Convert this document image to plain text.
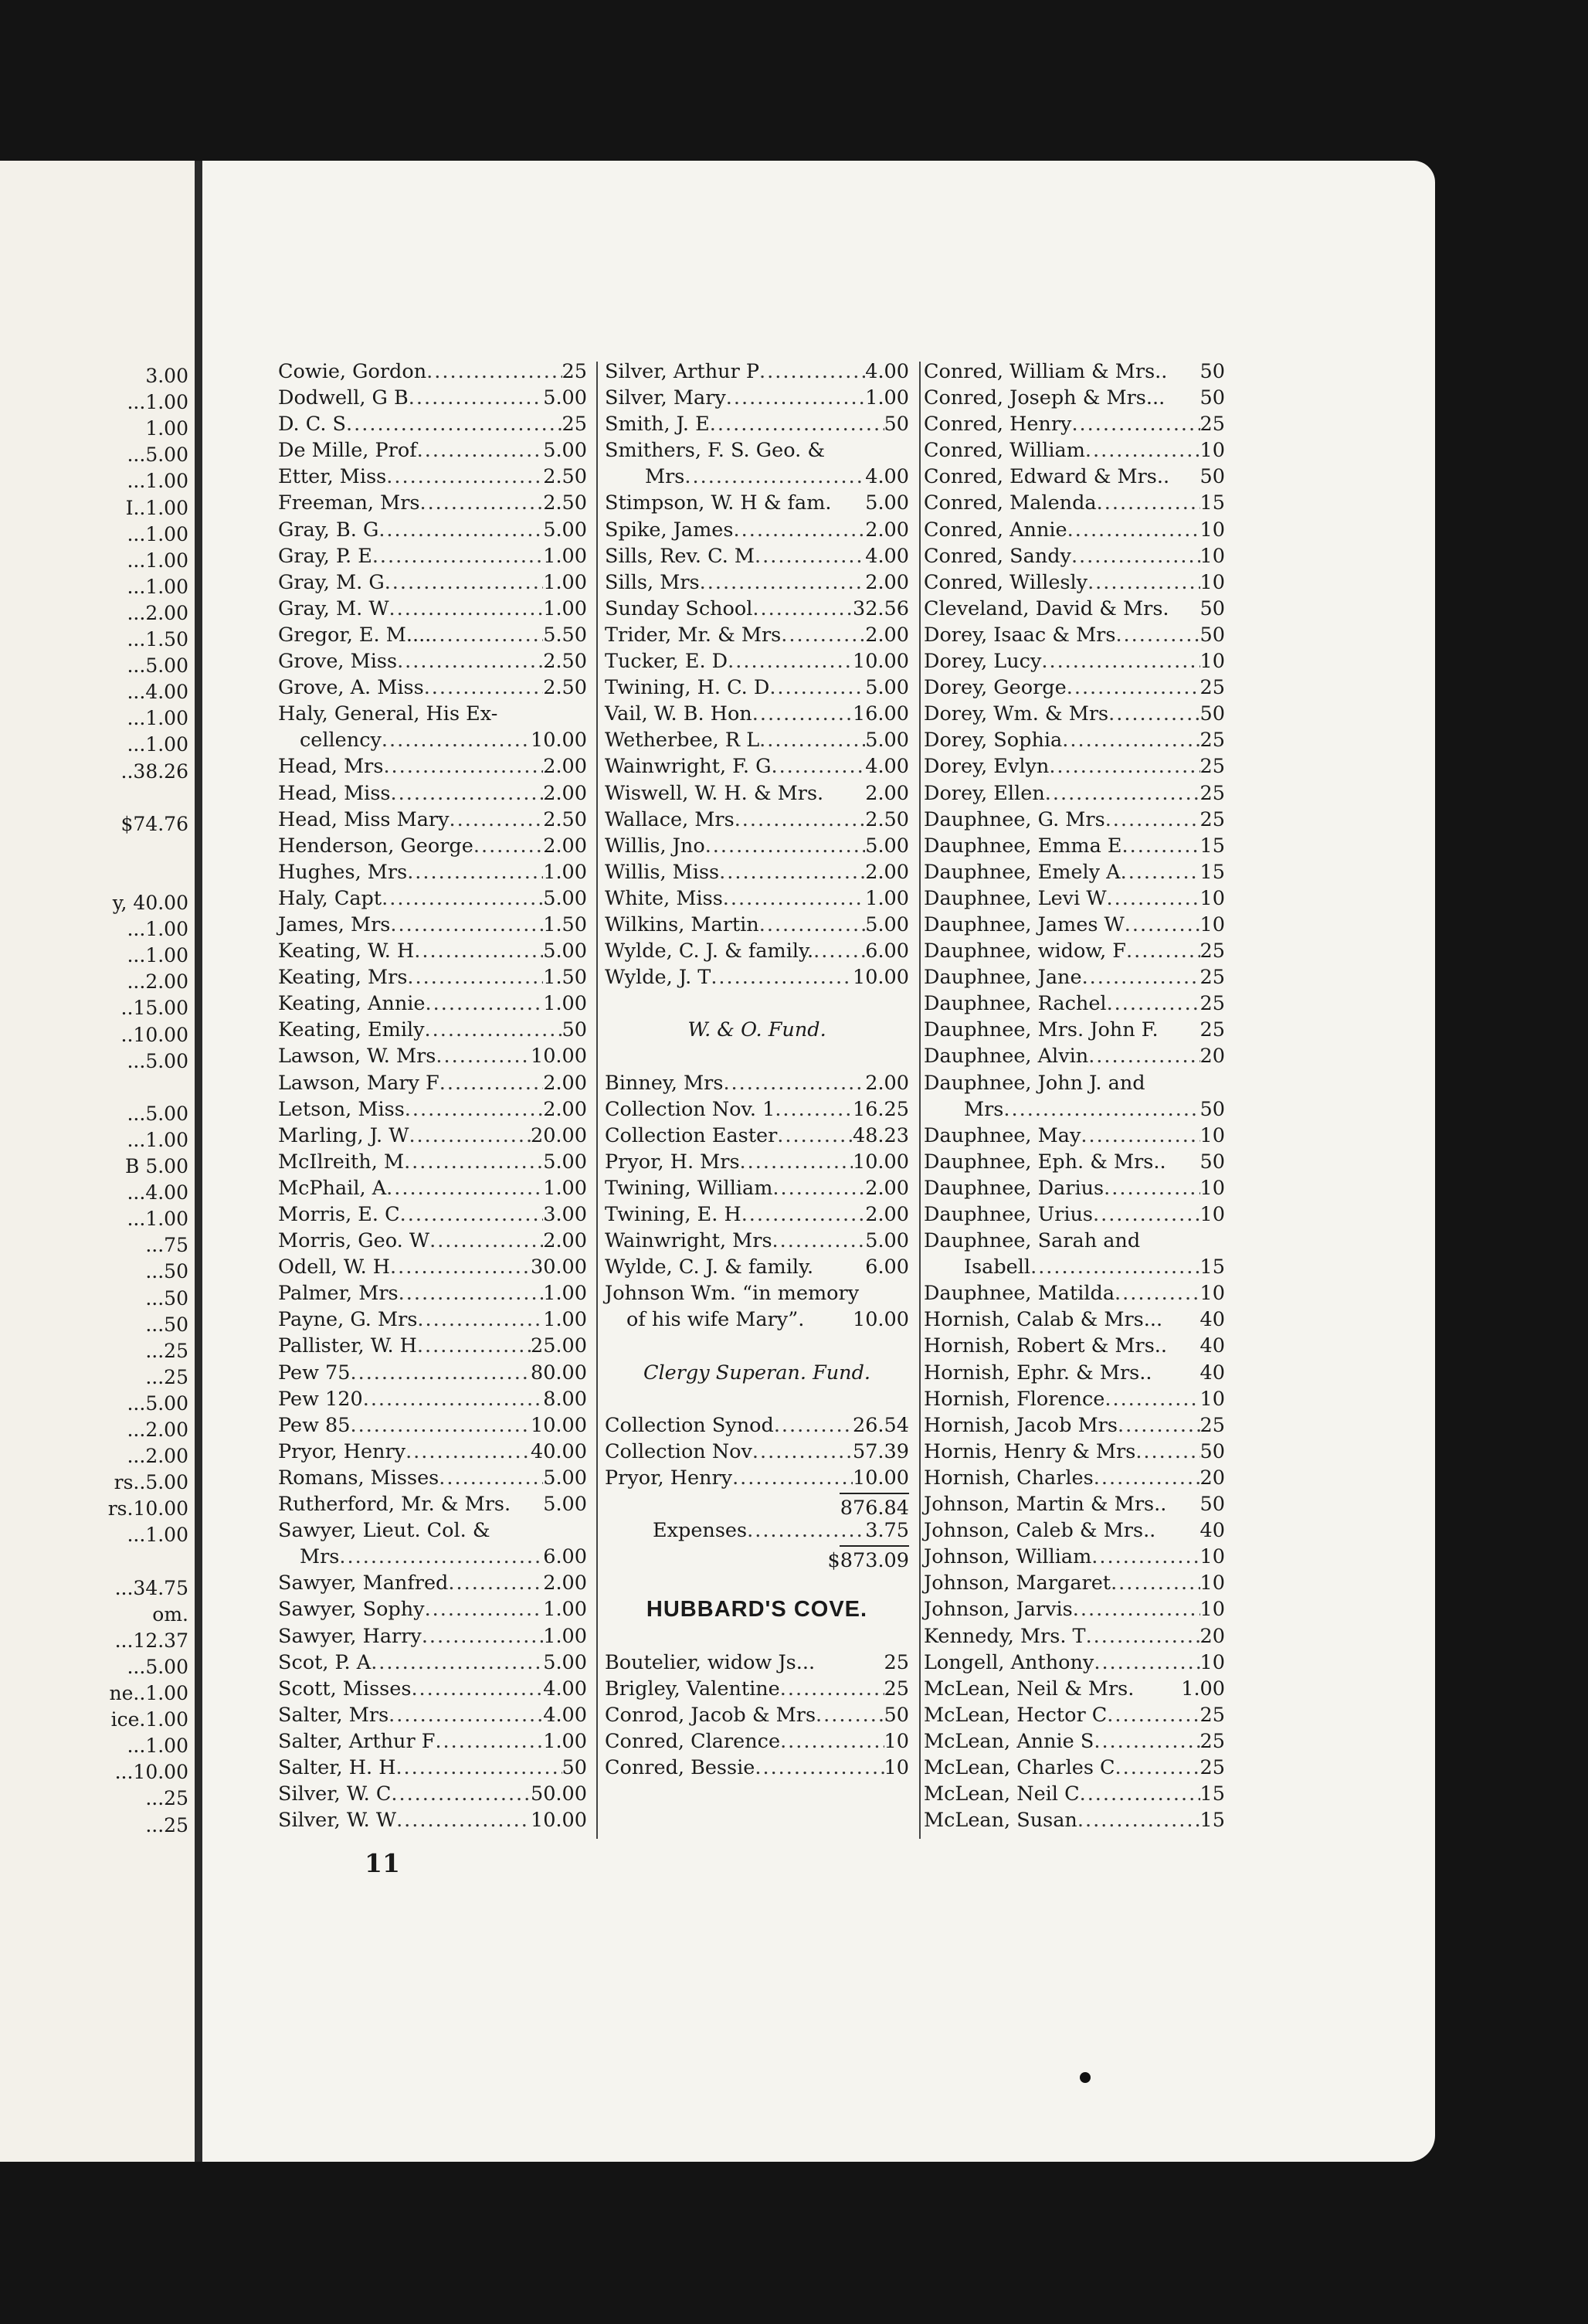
3.00
...1.00
1.00
...5.00
...1.00
I..1.00
...1.00
...1.00
...1.00
...2.00
...1.50
...5.00
...4.00
...1.00
...1.00
..38.26
$74.76
y, 40.00
...1.00
...1.00
...2.00
..15.00
..10.00
...5.00
...5.00
...1.00
B 5.00
...4.00
...1.00
...75
...50
...50
...50
...25
...25
...5.00
...2.00
...2.00
rs..5.00
rs.10.00
...1.00
...34.75
om.
...12.37
...5.00
ne..1.00
ice.1.00
...1.00
...10.00
...25
...25
Cowie, Gordon .....	25
Dodwell, G B .....	5.00
D. C. S .....	25
De Mille, Prof .....	5.00
Etter, Miss .....	2.50
Freeman, Mrs .....	2.50
Gray, B. G .....	5.00
Gray, P. E .....	1.00
Gray, M. G .....	1.00
Gray, M. W .....	1.00
Gregor, E. M.... .....	5.50
Grove, Miss .....	2.50
Grove, A. Miss .....	2.50
Haly, General, His Ex-
cellency .....	10.00
Head, Mrs .....	2.00
Head, Miss .....	2.00
Head, Miss Mary .....	2.50
Henderson, George .....	2.00
Hughes, Mrs .....	1.00
Haly, Capt .....	5.00
James, Mrs .....	1.50
Keating, W. H .....	5.00
Keating, Mrs .....	1.50
Keating, Annie .....	1.00
Keating, Emily .....	50
Lawson, W. Mrs .....	10.00
Lawson, Mary F .....	2.00
Letson, Miss .....	2.00
Marling, J. W .....	20.00
McIlreith, M .....	5.00
McPhail, A .....	1.00
Morris, E. C .....	3.00
Morris, Geo. W .....	2.00
Odell, W. H .....	30.00
Palmer, Mrs .....	1.00
Payne, G. Mrs .....	1.00
Pallister, W. H .....	25.00
Pew 75 .....	80.00
Pew 120 .....	8.00
Pew 85 .....	10.00
Pryor, Henry .....	40.00
Romans, Misses .....	5.00
Rutherford, Mr. & Mrs. 5.00
Sawyer, Lieut. Col. &
Mrs .....	6.00
Sawyer, Manfred .....	2.00
Sawyer, Sophy .....	1.00
Sawyer, Harry .....	1.00
Scot, P. A .....	5.00
Scott, Misses .....	4.00
Salter, Mrs .....	4.00
Salter, Arthur F .....	1.00
Salter, H. H .....	50
Silver, W. C .....	50.00
Silver, W. W .....	10.00
Silver, Arthur P .....	4.00
Silver, Mary .....	1.00
Smith, J. E .....	50
Smithers, F. S. Geo. &
Mrs .....	4.00
Stimpson, W. H & fam. 5.00
Spike, James .....	2.00
Sills, Rev. C. M .....	4.00
Sills, Mrs .....	2.00
Sunday School .....	32.56
Trider, Mr. & Mrs .....	2.00
Tucker, E. D .....	10.00
Twining, H. C. D .....	5.00
Vail, W. B. Hon .....	16.00
Wetherbee, R L .....	5.00
Wainwright, F. G .....	4.00
Wiswell, W. H. & Mrs. 2.00
Wallace, Mrs .....	2.50
Willis, Jno .....	5.00
Willis, Miss .....	2.00
White, Miss .....	1.00
Wilkins, Martin .....	5.00
Wylde, C. J. & family. .....	6.00
Wylde, J. T .....	10.00
W. & O. Fund.
Binney, Mrs .....	2.00
Collection Nov. 1 .....	16.25
Collection Easter .....	48.23
Pryor, H. Mrs .....	10.00
Twining, William .....	2.00
Twining, E. H .....	2.00
Wainwright, Mrs .....	5.00
Wylde, C. J. & family.	6.00
Johnson Wm. “in memory
of his wife Mary”. 10.00
Clergy Superan. Fund.
Collection Synod .....	26.54
Collection Nov .....	57.39
Pryor, Henry .....	10.00
876.84
Expenses .....	3.75
$873.09
HUBBARD'S COVE.
Boutelier, widow Js...	25
Brigley, Valentine .....	25
Conrod, Jacob & Mrs .....	50
Conred, Clarence .....	10
Conred, Bessie .....	10
Conred, William & Mrs.. 50
Conred, Joseph & Mrs... 50
Conred, Henry .....	25
Conred, William .....	10
Conred, Edward & Mrs.. 50
Conred, Malenda .....	15
Conred, Annie .....	10
Conred, Sandy .....	10
Conred, Willesly .....	10
Cleveland, David & Mrs. 50
Dorey, Isaac & Mrs .....	50
Dorey, Lucy .....	10
Dorey, George .....	25
Dorey, Wm. & Mrs .....	50
Dorey, Sophia .....	25
Dorey, Evlyn .....	25
Dorey, Ellen .....	25
Dauphnee, G. Mrs .....	25
Dauphnee, Emma E .....	15
Dauphnee, Emely A .....	15
Dauphnee, Levi W .....	10
Dauphnee, James W .....	10
Dauphnee, widow, F .....	25
Dauphnee, Jane .....	25
Dauphnee, Rachel .....	25
Dauphnee, Mrs. John F. 25
Dauphnee, Alvin .....	20
Dauphnee, John J. and
Mrs .....	50
Dauphnee, May .....	10
Dauphnee, Eph. & Mrs.. 50
Dauphnee, Darius .....	10
Dauphnee, Urius .....	10
Dauphnee, Sarah and
Isabell .....	15
Dauphnee, Matilda .....	10
Hornish, Calab & Mrs... 40
Hornish, Robert & Mrs.. 40
Hornish, Ephr. & Mrs.. 40
Hornish, Florence .....	10
Hornish, Jacob Mrs .....	25
Hornis, Henry & Mrs .....	50
Hornish, Charles .....	20
Johnson, Martin & Mrs.. 50
Johnson, Caleb & Mrs.. 40
Johnson, William .....	10
Johnson, Margaret .....	10
Johnson, Jarvis .....	10
Kennedy, Mrs. T .....	20
Longell, Anthony .....	10
McLean, Neil & Mrs. 1.00
McLean, Hector C .....	25
McLean, Annie S .....	25
McLean, Charles C .....	25
McLean, Neil C .....	15
McLean, Susan .....	15
11
